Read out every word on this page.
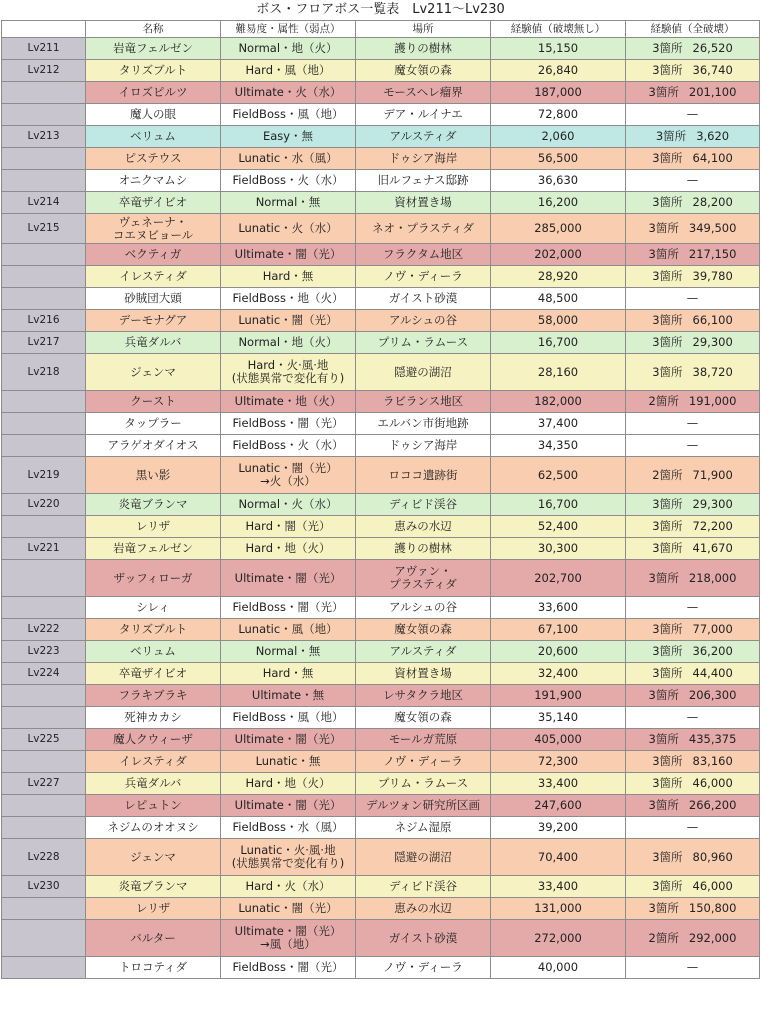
ボス・フロアボス一覧表　Lv211〜Lv230
	名称	難易度・属性（弱点）	場所	経験値（破壊無し）	経験値（全破壊）
Lv211	岩竜フェルゼン	Normal・地（火）	護りの樹林	15,150	3箇所 26,520
Lv212	タリズブルト	Hard・風（地）	魔女領の森	26,840	3箇所 36,740
	イロズピルツ	Ultimate・火（水）	モースヘレ瘤界	187,000	3箇所 201,100
	魔人の眼	FieldBoss・風（地）	デア・ルイナエ	72,800	—
Lv213	ベリュム	Easy・無	アルスティダ	2,060	3箇所 3,620
	ピステウス	Lunatic・水（風）	ドゥシア海岸	56,500	3箇所 64,100
	オニクマムシ	FieldBoss・火（水）	旧ルフェナス邸跡	36,630	—
Lv214	卒竜ザイビオ	Normal・無	資材置き場	16,200	3箇所 28,200
Lv215	ヴェネーナ・
コエヌビョール	Lunatic・火（水）	ネオ・プラスティダ	285,000	3箇所 349,500
	ベクティガ	Ultimate・闇（光）	フラクタム地区	202,000	3箇所 217,150
	イレスティダ	Hard・無	ノヴ・ディーラ	28,920	3箇所 39,780
	砂賊団大頭	FieldBoss・地（火）	ガイスト砂漠	48,500	—
Lv216	デーモナグア	Lunatic・闇（光）	アルシュの谷	58,000	3箇所 66,100
Lv217	兵竜ダルバ	Normal・地（火）	プリム・ラムース	16,700	3箇所 29,300
Lv218	ジェンマ	Hard・火·風·地
(状態異常で変化有り)	隠避の湖沼	28,160	3箇所 38,720
	クースト	Ultimate・地（火）	ラビランス地区	182,000	2箇所 191,000
	タップラー	FieldBoss・闇（光）	エルバン市街地跡	37,400	—
	アラゲオダイオス	FieldBoss・火（水）	ドゥシア海岸	34,350	—
Lv219	黒い影	Lunatic・闇（光）
→火（水）	ロココ遺跡街	62,500	2箇所 71,900
Lv220	炎竜ブランマ	Normal・火（水）	ディビド渓谷	16,700	3箇所 29,300
	レリザ	Hard・闇（光）	恵みの水辺	52,400	3箇所 72,200
Lv221	岩竜フェルゼン	Hard・地（火）	護りの樹林	30,300	3箇所 41,670
	ザッフィローガ	Ultimate・闇（光）	アヴァン・
プラスティダ	202,700	3箇所 218,000
	シレィ	FieldBoss・闇（光）	アルシュの谷	33,600	—
Lv222	タリズブルト	Lunatic・風（地）	魔女領の森	67,100	3箇所 77,000
Lv223	ベリュム	Normal・無	アルスティダ	20,600	3箇所 36,200
Lv224	卒竜ザイビオ	Hard・無	資材置き場	32,400	3箇所 44,400
	フラキブラキ	Ultimate・無	レサタクラ地区	191,900	3箇所 206,300
	死神カカシ	FieldBoss・風（地）	魔女領の森	35,140	—
Lv225	魔人クウィーザ	Ultimate・闇（光）	モールガ荒原	405,000	3箇所 435,375
	イレスティダ	Lunatic・無	ノヴ・ディーラ	72,300	3箇所 83,160
Lv227	兵竜ダルバ	Hard・地（火）	プリム・ラムース	33,400	3箇所 46,000
	レピュトン	Ultimate・闇（光）	デルツォン研究所区画	247,600	3箇所 266,200
	ネジムのオオヌシ	FieldBoss・水（風）	ネジム湿原	39,200	—
Lv228	ジェンマ	Lunatic・火·風·地
(状態異常で変化有り)	隠避の湖沼	70,400	3箇所 80,960
Lv230	炎竜ブランマ	Hard・火（水）	ディビド渓谷	33,400	3箇所 46,000
	レリザ	Lunatic・闇（光）	恵みの水辺	131,000	3箇所 150,800
	バルター	Ultimate・闇（光）
→風（地）	ガイスト砂漠	272,000	2箇所 292,000
	トロコティダ	FieldBoss・闇（光）	ノヴ・ディーラ	40,000	—
